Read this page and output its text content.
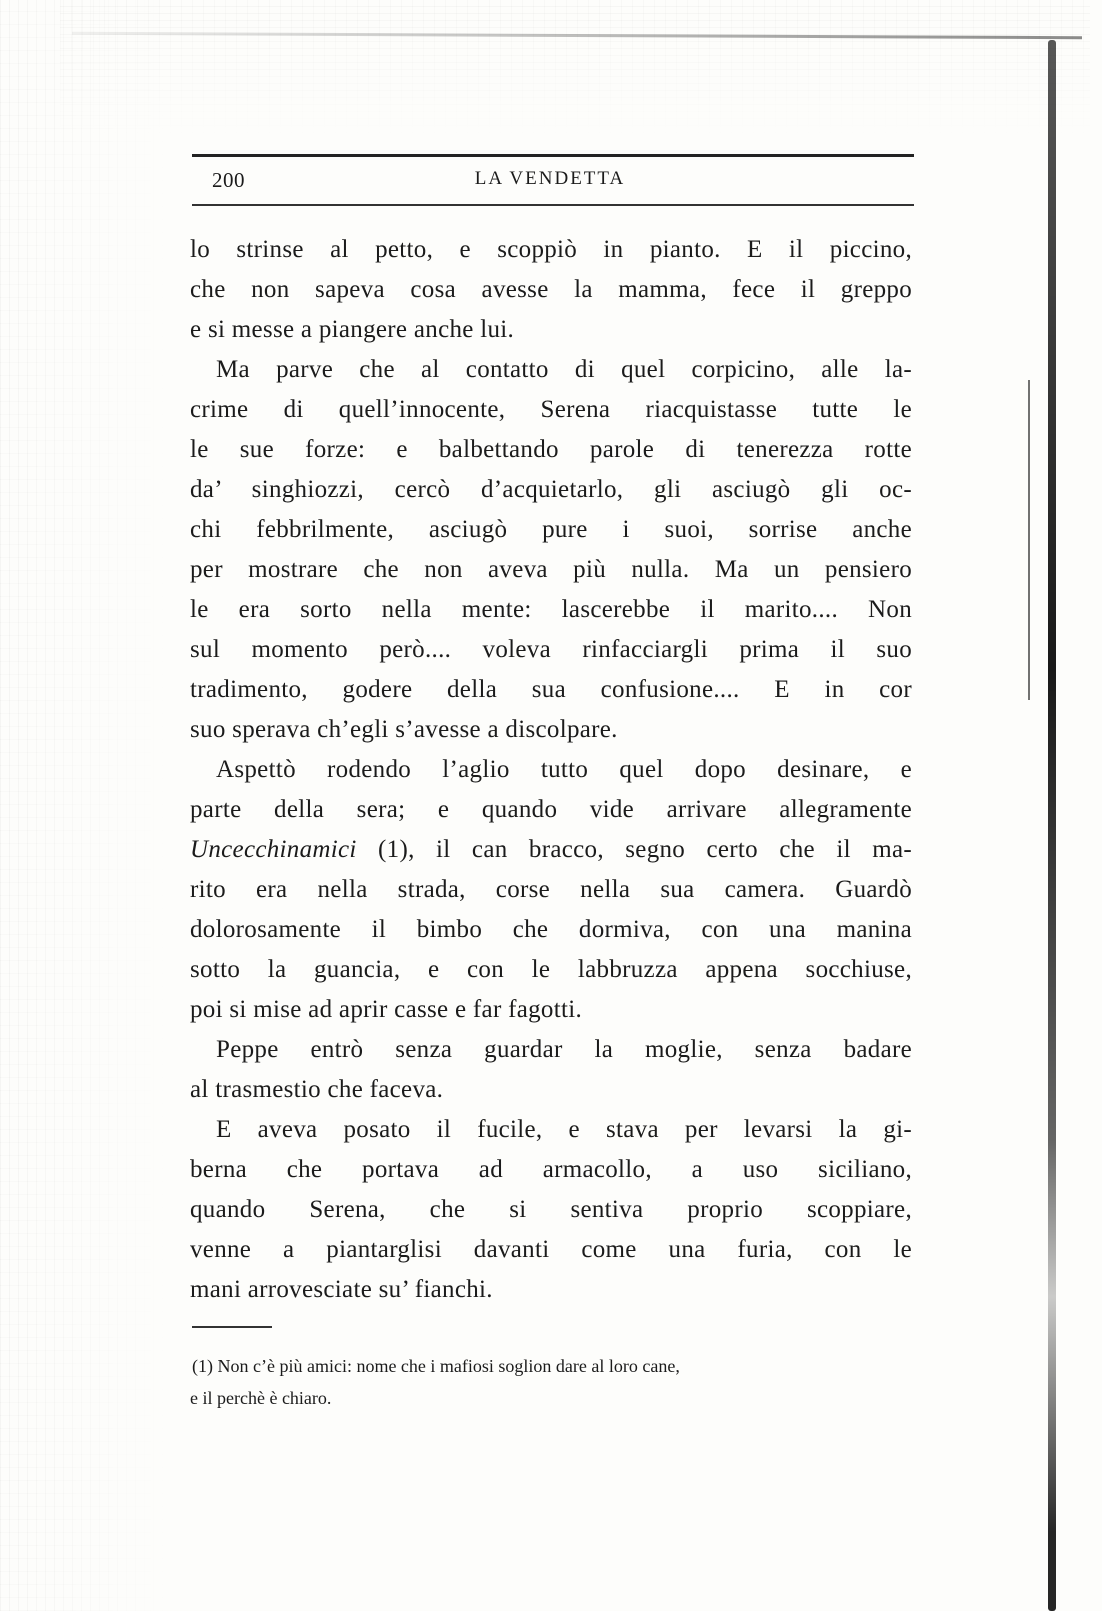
200	LA VENDETTA
lo strinse al petto, e scoppiò in pianto. E il piccino,
che non sapeva cosa avesse la mamma, fece il greppo
e si messe a piangere anche lui.
Ma parve che al contatto di quel corpicino, alle la-
crime di quell’innocente, Serena riacquistasse tutte le
le sue forze: e balbettando parole di tenerezza rotte
da’ singhiozzi, cercò d’acquietarlo, gli asciugò gli oc-
chi febbrilmente, asciugò pure i suoi, sorrise anche
per mostrare che non aveva più nulla. Ma un pensiero
le era sorto nella mente: lascerebbe il marito.... Non
sul momento però.... voleva rinfacciargli prima il suo
tradimento, godere della sua confusione.... E in cor
suo sperava ch’egli s’avesse a discolpare.
Aspettò rodendo l’aglio tutto quel dopo desinare, e
parte della sera; e quando vide arrivare allegramente
Uncecchinamici (1), il can bracco, segno certo che il ma-
rito era nella strada, corse nella sua camera. Guardò
dolorosamente il bimbo che dormiva, con una manina
sotto la guancia, e con le labbruzza appena socchiuse,
poi si mise ad aprir casse e far fagotti.
Peppe entrò senza guardar la moglie, senza badare
al trasmestio che faceva.
E aveva posato il fucile, e stava per levarsi la gi-
berna che portava ad armacollo, a uso siciliano,
quando Serena, che si sentiva proprio scoppiare,
venne a piantarglisi davanti come una furia, con le
mani arrovesciate su’ fianchi.
(1) Non c’è più amici: nome che i mafiosi soglion dare al loro cane,
e il perchè è chiaro.
